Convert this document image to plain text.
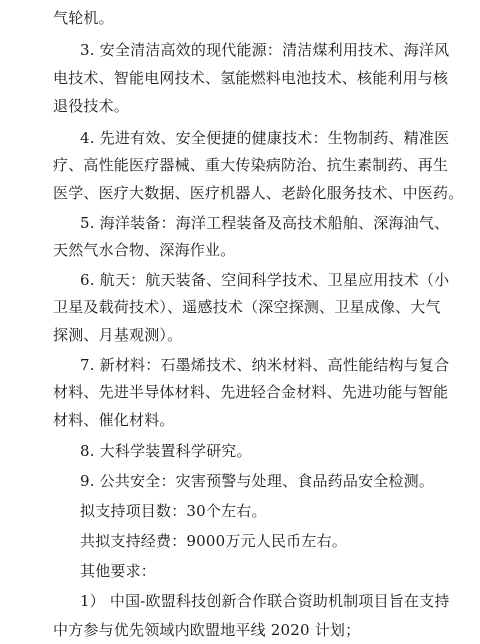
气轮机。
3. 安全清洁高效的现代能源：清洁煤利用技术、海洋风
电技术、智能电网技术、氢能燃料电池技术、核能利用与核
退役技术。
4. 先进有效、安全便捷的健康技术：生物制药、精准医
疗、高性能医疗器械、重大传染病防治、抗生素制药、再生
医学、医疗大数据、医疗机器人、老龄化服务技术、中医药。
5. 海洋装备：海洋工程装备及高技术船舶、深海油气、
天然气水合物、深海作业。
6. 航天：航天装备、空间科学技术、卫星应用技术（小
卫星及载荷技术）、遥感技术（深空探测、卫星成像、大气
探测、月基观测）。
7. 新材料：石墨烯技术、纳米材料、高性能结构与复合
材料、先进半导体材料、先进轻合金材料、先进功能与智能
材料、催化材料。
8. 大科学装置科学研究。
9. 公共安全：灾害预警与处理、食品药品安全检测。
拟支持项目数：30个左右。
共拟支持经费：9000万元人民币左右。
其他要求：
1） 中国-欧盟科技创新合作联合资助机制项目旨在支持
中方参与优先领域内欧盟地平线 2020 计划；
